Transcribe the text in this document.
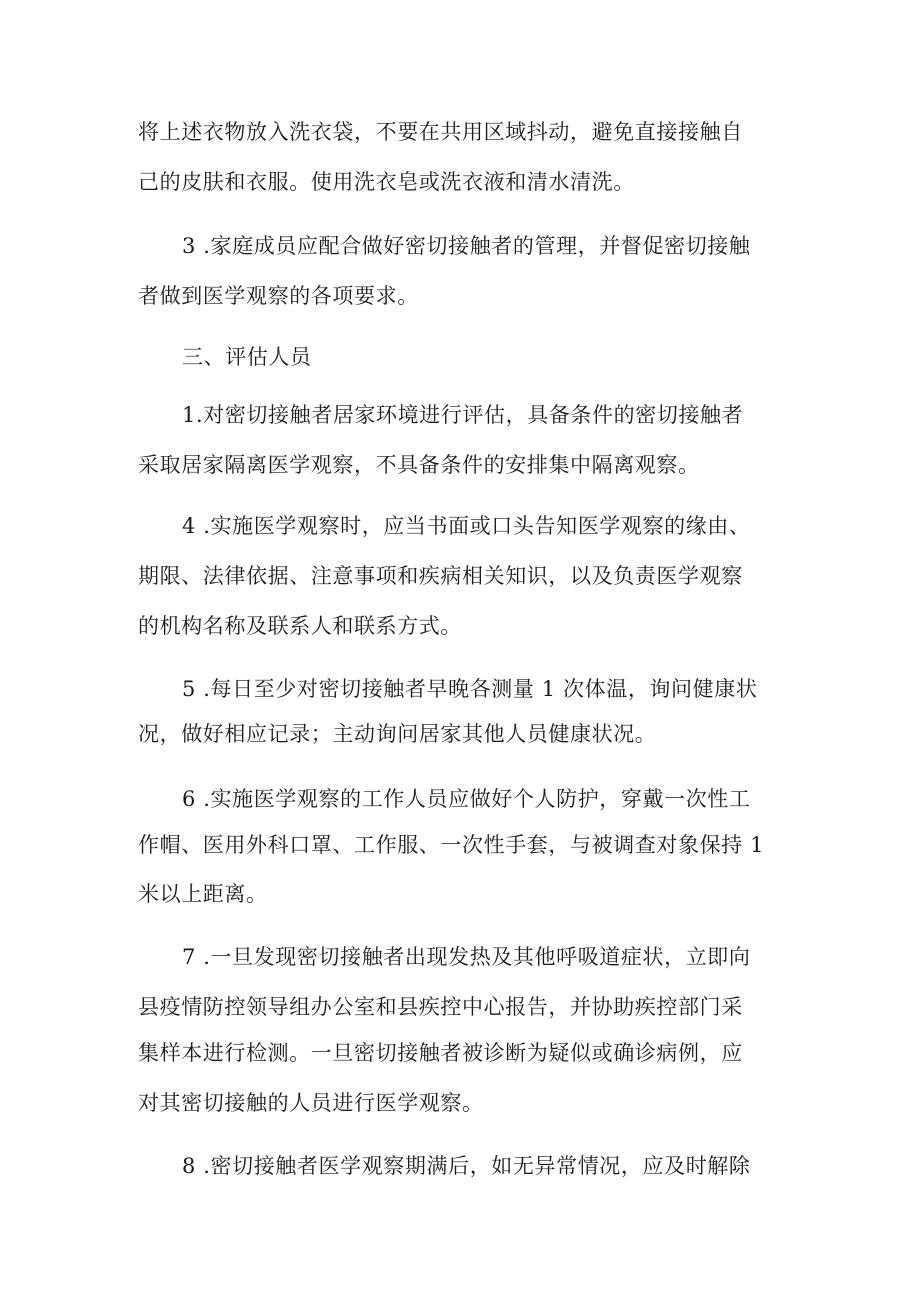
将上述衣物放入洗衣袋，不要在共用区域抖动，避免直接接触自
己的皮肤和衣服。使用洗衣皂或洗衣液和清水清洗。
3 .家庭成员应配合做好密切接触者的管理，并督促密切接触
者做到医学观察的各项要求。
三、评估人员
1.对密切接触者居家环境进行评估，具备条件的密切接触者
采取居家隔离医学观察，不具备条件的安排集中隔离观察。
4 .实施医学观察时，应当书面或口头告知医学观察的缘由、
期限、法律依据、注意事项和疾病相关知识，以及负责医学观察
的机构名称及联系人和联系方式。
5 .每日至少对密切接触者早晚各测量 1 次体温，询问健康状
况，做好相应记录；主动询问居家其他人员健康状况。
6 .实施医学观察的工作人员应做好个人防护，穿戴一次性工
作帽、医用外科口罩、工作服、一次性手套，与被调查对象保持 1
米以上距离。
7 .一旦发现密切接触者出现发热及其他呼吸道症状，立即向
县疫情防控领导组办公室和县疾控中心报告，并协助疾控部门采
集样本进行检测。一旦密切接触者被诊断为疑似或确诊病例，应
对其密切接触的人员进行医学观察。
8 .密切接触者医学观察期满后，如无异常情况，应及时解除
